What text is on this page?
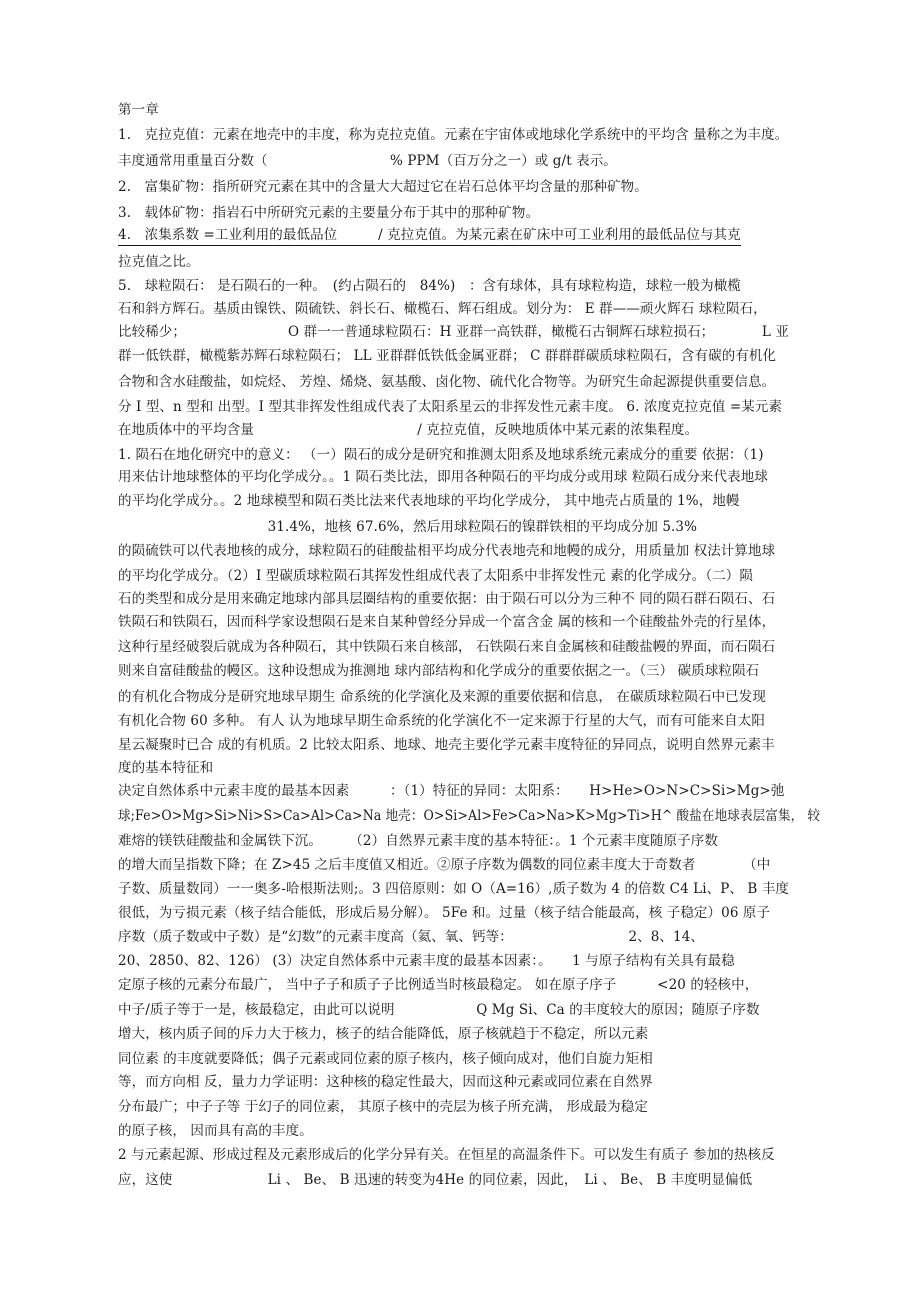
第一章
1.　克拉克值：元素在地壳中的丰度，称为克拉克值。元素在宇宙体或地球化学系统中的平均含 量称之为丰度。
丰度通常用重量百分数（　　　　　　　　　% PPM（百万分之一）或 g/t 表示。
2.　富集矿物：指所研究元素在其中的含量大大超过它在岩石总体平均含量的那种矿物。
3.　载体矿物：指岩石中所研究元素的主要量分布于其中的那种矿物。
4.　浓集系数 =工业利用的最低品位　　　/ 克拉克值。为某元素在矿床中可工业利用的最低品位与其克
拉克值之比。
5.　球粒陨石： 是石陨石的一种。　(约占陨石的　84%)　：含有球体，具有球粒构造，球粒一般为橄榄
石和斜方辉石。基质由镍铁、陨硫铁、斜长石、橄榄石、辉石组成。划分为： E 群——顽火辉石 球粒陨石，
比较稀少；　　　　　　　　O 群一一普通球粒陨石：H 亚群一高铁群，橄榄石古铜辉石球粒损石；　　　　L 亚
群一低铁群，橄榄紫苏辉石球粒陨石； LL 亚群群低铁低金属亚群； C 群群群碳质球粒陨石，含有碳的有机化
合物和含水硅酸盐，如烷烃、 芳煌、烯烧、氨基酸、卤化物、硫代化合物等。为研究生命起源提供重要信息。
分 I 型、n 型和 出型。I 型其非挥发性组成代表了太阳系星云的非挥发性元素丰度。 6. 浓度克拉克值 =某元素
在地质体中的平均含量　　　　　　　　　　　　/ 克拉克值，反映地质体中某元素的浓集程度。
1. 陨石在地化研究中的意义： （一）陨石的成分是研究和推测太阳系及地球系统元素成分的重要 依据：（1)
用来估计地球整体的平均化学成分。。1 陨石类比法，即用各种陨石的平均成分或用球 粒陨石成分来代表地球
的平均化学成分。。2 地球模型和陨石类比法来代表地球的平均化学成分， 其中地壳占质量的 1%，地幔
　　　　　　　　　　　31.4%，地核 67.6%，然后用球粒陨石的镍群铁相的平均成分加 5.3%
的陨硫铁可以代表地核的成分，球粒陨石的硅酸盐相平均成分代表地壳和地幔的成分，用质量加 权法计算地球
的平均化学成分。（2）I 型碳质球粒陨石其挥发性组成代表了太阳系中非挥发性元 素的化学成分。（二）陨
石的类型和成分是用来确定地球内部具层圈结构的重要依据：由于陨石可以分为三种不 同的陨石群石陨石、石
铁陨石和铁陨石，因而科学家设想陨石是来自某种曾经分异成一个富含金 属的核和一个硅酸盐外壳的行星体，
这种行星经破裂后就成为各种陨石，其中铁陨石来自核部， 石铁陨石来自金属核和硅酸盐幔的界面，而石陨石
则来自富硅酸盐的幔区。这种设想成为推测地 球内部结构和化学成分的重要依据之一。（三） 碳质球粒陨石
的有机化合物成分是研究地球早期生 命系统的化学演化及来源的重要依据和信息， 在碳质球粒陨石中已发现
有机化合物 60 多种。 有人 认为地球早期生命系统的化学演化不一定来源于行星的大气，而有可能来自太阳
星云凝聚时已合 成的有机质。2 比较太阳系、地球、地壳主要化学元素丰度特征的异同点，说明自然界元素丰
度的基本特征和
决定自然体系中元素丰度的最基本因素　　　：（1）特征的异同：太阳系：　　H>He>O>N>C>Si>Mg>弛
球;Fe>O>Mg>Si>Ni>S>Ca>Al>Ca>Na 地壳：O>Si>Al>Fe>Ca>Na>K>Mg>Ti>H^ 酸盐在地球表层富集， 较
难熔的镁铁硅酸盐和金属铁下沉。　　　（2）自然界元素丰度的基本特征：。1 个元素丰度随原子序数
的增大而呈指数下降；在 Z>45 之后丰度值又相近。②原子序数为偶数的同位素丰度大于奇数者　　　　（中
子数、质量数同）一一奥多-哈根斯法则;。3 四倍原则：如 O（A=16）,质子数为 4 的倍数 C4 Li、P、 B 丰度
很低，为亏损元素（核子结合能低，形成后易分解）。 5Fe 和。过量（核子结合能最高，核 子稳定）06 原子
序数（质子数或中子数）是“幻数”的元素丰度高（氦、氧、钙等：　　　　　　　　　2、8、14、
20、2850、82、126） (3）决定自然体系中元素丰度的最基本因素：。　　1 与原子结构有关具有最稳
定原子核的元素分布最广， 当中子子和质子子比例适当时核最稳定。 如在原子序子　　　<20 的轻核中，
中子/质子等于一是，核最稳定，由此可以说明　　　　　　Q Mg Si、Ca 的丰度较大的原因；随原子序数
增大，核内质子间的斥力大于核力，核子的结合能降低，原子核就趋于不稳定，所以元素
同位素 的丰度就要降低；偶子元素或同位素的原子核内，核子倾向成对，他们自旋力矩相
等，而方向相 反，量力力学证明：这种核的稳定性最大，因而这种元素或同位素在自然界
分布最广；中子子等 于幻子的同位素， 其原子核中的壳层为核子所充满， 形成最为稳定
的原子核， 因而具有高的丰度。
2 与元素起源、形成过程及元素形成后的化学分异有关。在恒星的高温条件下。可以发生有质子 参加的热核反
应，这使　　　　　　　Li 、 Be、 B 迅速的转变为4He 的同位素，因此，　Li 、 Be、 B 丰度明显偏低
